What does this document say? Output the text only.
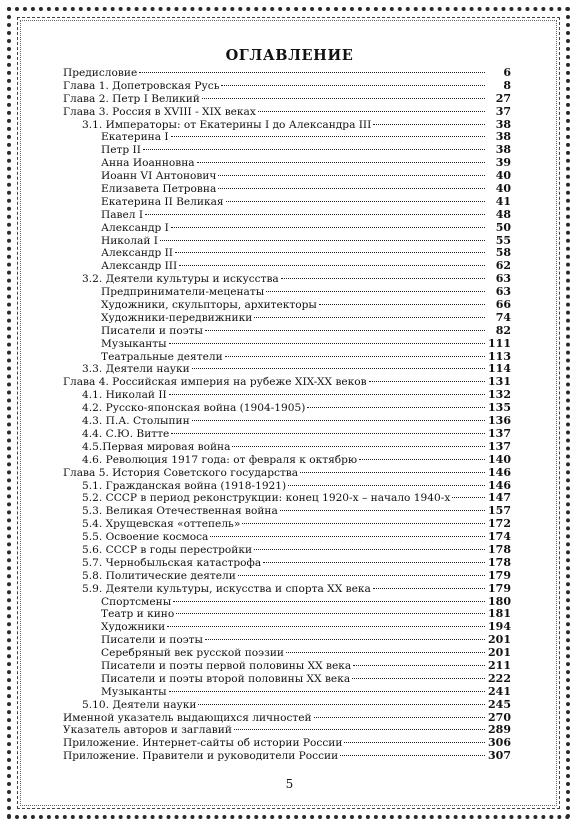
ОГЛАВЛЕНИЕ
Предисловие	6
Глава 1. Допетровская Русь	8
Глава 2. Петр I Великий	27
Глава 3. Россия в XVIII - XIX веках	37
3.1. Императоры: от Екатерины I до Александра III	38
Екатерина I	38
Петр II	38
Анна Иоанновна	39
Иоанн VI Антонович	40
Елизавета Петровна	40
Екатерина II Великая	41
Павел I	48
Александр I	50
Николай I	55
Александр II	58
Александр III	62
3.2. Деятели культуры и искусства	63
Предприниматели-меценаты	63
Художники, скульпторы, архитекторы	66
Художники-передвижники	74
Писатели и поэты	82
Музыканты	111
Театральные деятели	113
3.3. Деятели науки	114
Глава 4. Российская империя на рубеже XIX-XX веков	131
4.1. Николай II	132
4.2. Русско-японская война (1904-1905)	135
4.3. П.А. Столыпин	136
4.4. С.Ю. Витте	137
4.5.Первая мировая война	137
4.6. Революция 1917 года: от февраля к октябрю	140
Глава 5. История Советского государства	146
5.1. Гражданская война (1918-1921)	146
5.2. СССР в период реконструкции: конец 1920-х – начало 1940-х	147
5.3. Великая Отечественная война	157
5.4. Хрущевская «оттепель»	172
5.5. Освоение космоса	174
5.6. СССР в годы перестройки	178
5.7. Чернобыльская катастрофа	178
5.8. Политические деятели	179
5.9. Деятели культуры, искусства и спорта XX века	179
Спортсмены	180
Театр и кино	181
Художники	194
Писатели и поэты	201
Серебряный век русской поэзии	201
Писатели и поэты первой половины XX века	211
Писатели и поэты второй половины XX века	222
Музыканты	241
5.10. Деятели науки	245
Именной указатель выдающихся личностей	270
Указатель авторов и заглавий	289
Приложение. Интернет-сайты об истории России	306
Приложение. Правители и руководители России	307
5
